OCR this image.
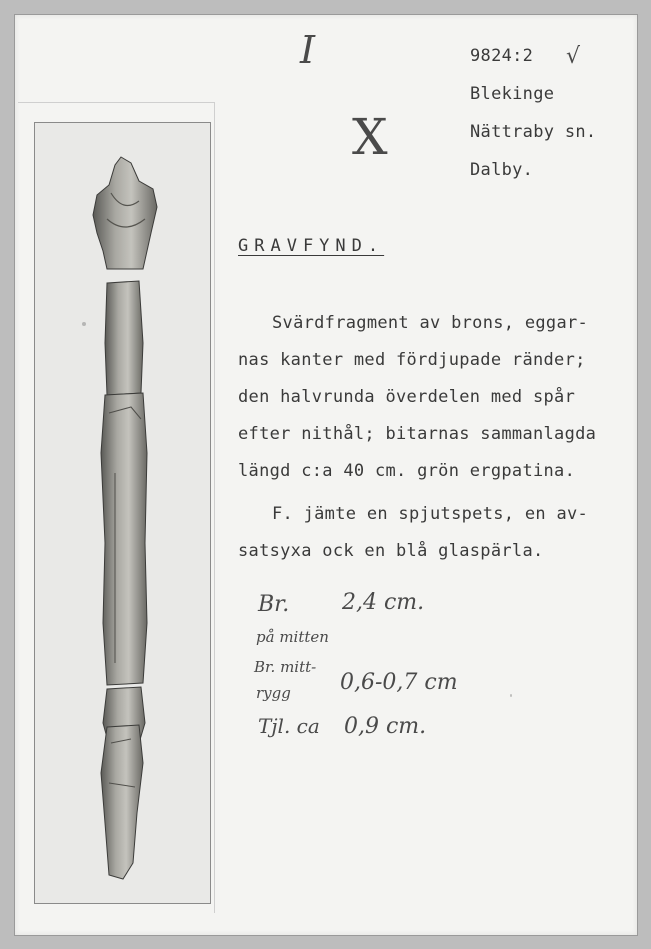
I
X
√
9824:2
Blekinge
Nättraby sn.
Dalby.
GRAVFYND.
Svärdfragment av brons, eggar-
nas kanter med fördjupade ränder;
den halvrunda överdelen med spår
efter nithål; bitarnas sammanlagda
längd c:a 40 cm. grön ergpatina.
F. jämte en spjutspets, en av-
satsyxa ock en blå glaspärla.
Br. 2,4 cm.
på mitten
Br. mitt-
rygg 0,6-0,7 cm
Tjl. ca 0,9 cm.
